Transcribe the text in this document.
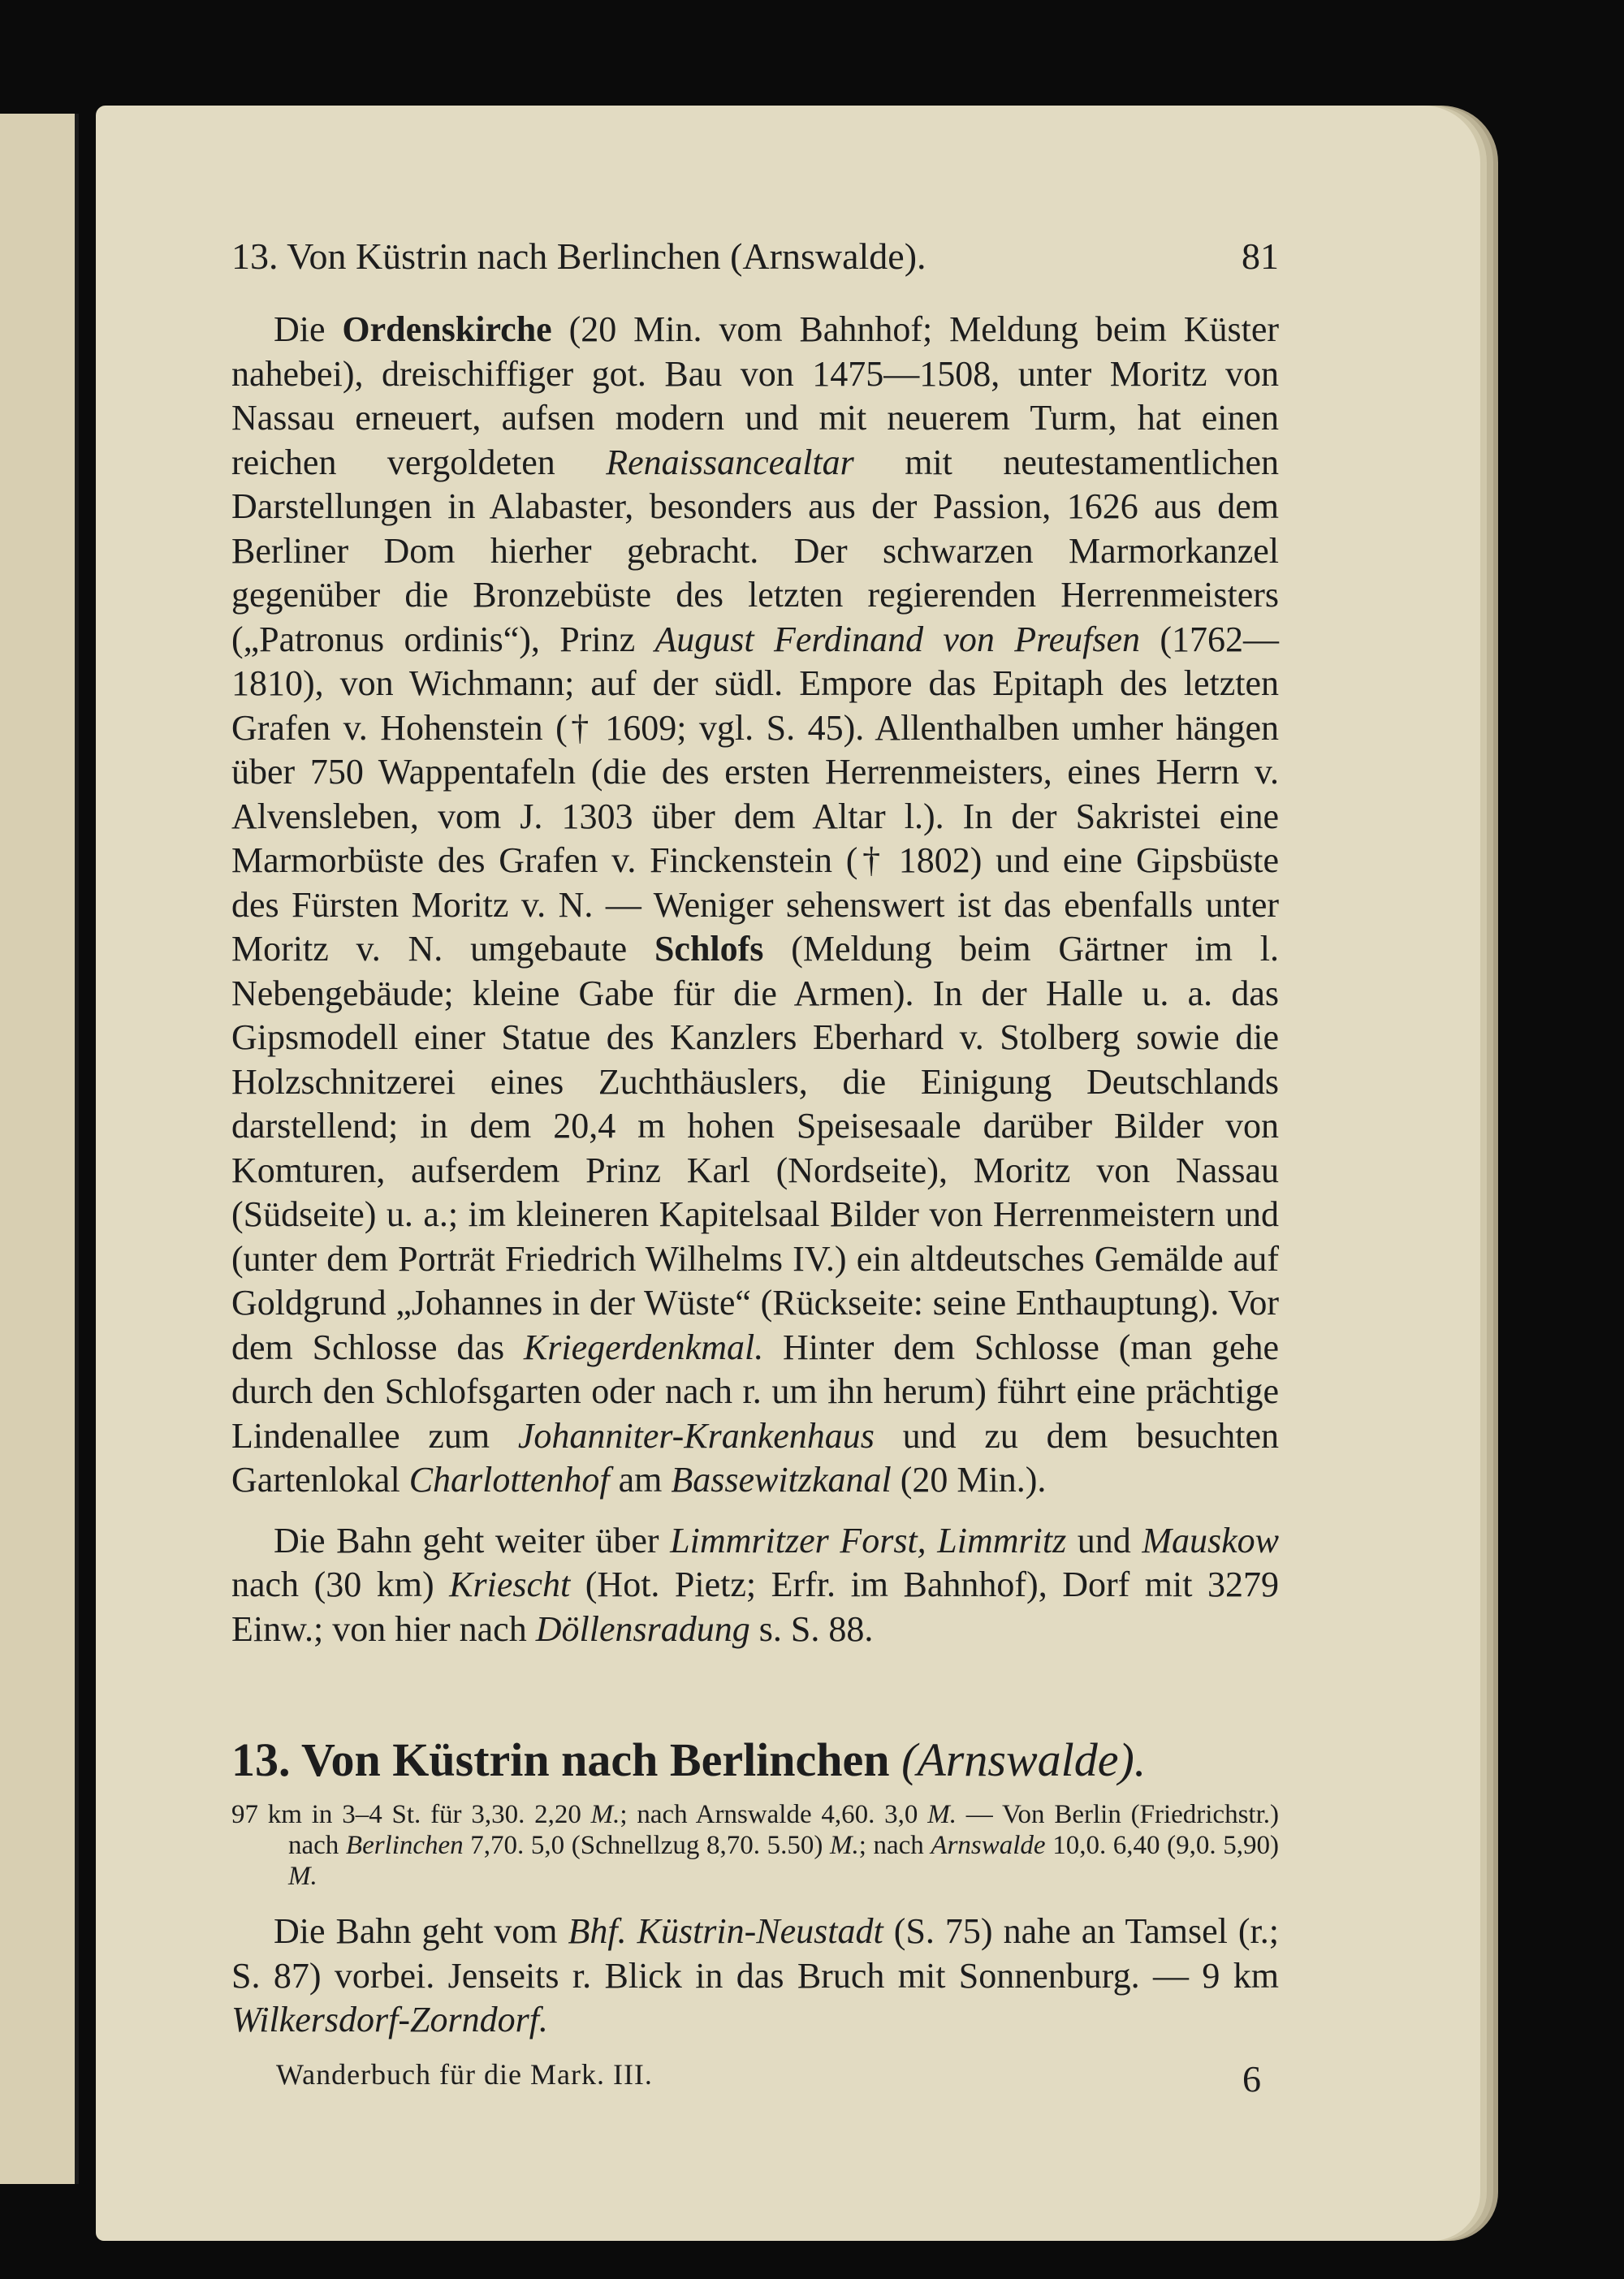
13. Von Küstrin nach Berlinchen (Arnswalde).	81

Die Ordenskirche (20 Min. vom Bahnhof; Meldung beim Küster nahebei), dreischiffiger got. Bau von 1475—1508, unter Moritz von Nassau erneuert, aufsen modern und mit neuerem Turm, hat einen reichen vergoldeten Renaissancealtar mit neutestamentlichen Darstellungen in Alabaster, besonders aus der Passion, 1626 aus dem Berliner Dom hierher gebracht. Der schwarzen Marmorkanzel gegenüber die Bronzebüste des letzten regierenden Herrenmeisters („Patronus ordinis“), Prinz August Ferdinand von Preufsen (1762—1810), von Wichmann; auf der südl. Empore das Epitaph des letzten Grafen v. Hohenstein († 1609; vgl. S. 45). Allenthalben umher hängen über 750 Wappentafeln (die des ersten Herrenmeisters, eines Herrn v. Alvensleben, vom J. 1303 über dem Altar l.). In der Sakristei eine Marmorbüste des Grafen v. Finckenstein († 1802) und eine Gipsbüste des Fürsten Moritz v. N. — Weniger sehenswert ist das ebenfalls unter Moritz v. N. umgebaute Schlofs (Meldung beim Gärtner im l. Nebengebäude; kleine Gabe für die Armen). In der Halle u. a. das Gipsmodell einer Statue des Kanzlers Eberhard v. Stolberg sowie die Holzschnitzerei eines Zuchthäuslers, die Einigung Deutschlands darstellend; in dem 20,4 m hohen Speisesaale darüber Bilder von Komturen, aufserdem Prinz Karl (Nordseite), Moritz von Nassau (Südseite) u. a.; im kleineren Kapitelsaal Bilder von Herrenmeistern und (unter dem Porträt Friedrich Wilhelms IV.) ein altdeutsches Gemälde auf Goldgrund „Johannes in der Wüste“ (Rückseite: seine Enthauptung). Vor dem Schlosse das Kriegerdenkmal. Hinter dem Schlosse (man gehe durch den Schlofsgarten oder nach r. um ihn herum) führt eine prächtige Lindenallee zum Johanniter-Krankenhaus und zu dem besuchten Gartenlokal Charlottenhof am Bassewitzkanal (20 Min.).

Die Bahn geht weiter über Limmritzer Forst, Limmritz und Mauskow nach (30 km) Kriescht (Hot. Pietz; Erfr. im Bahnhof), Dorf mit 3279 Einw.; von hier nach Döllensradung s. S. 88.

13. Von Küstrin nach Berlinchen (Arnswalde).

97 km in 3–4 St. für 3,30. 2,20 M.; nach Arnswalde 4,60. 3,0 M. — Von Berlin (Friedrichstr.) nach Berlinchen 7,70. 5,0 (Schnellzug 8,70. 5.50) M.; nach Arnswalde 10,0. 6,40 (9,0. 5,90) M.

Die Bahn geht vom Bhf. Küstrin-Neustadt (S. 75) nahe an Tamsel (r.; S. 87) vorbei. Jenseits r. Blick in das Bruch mit Sonnenburg. — 9 km Wilkersdorf-Zorndorf.

Wanderbuch für die Mark. III.	6
